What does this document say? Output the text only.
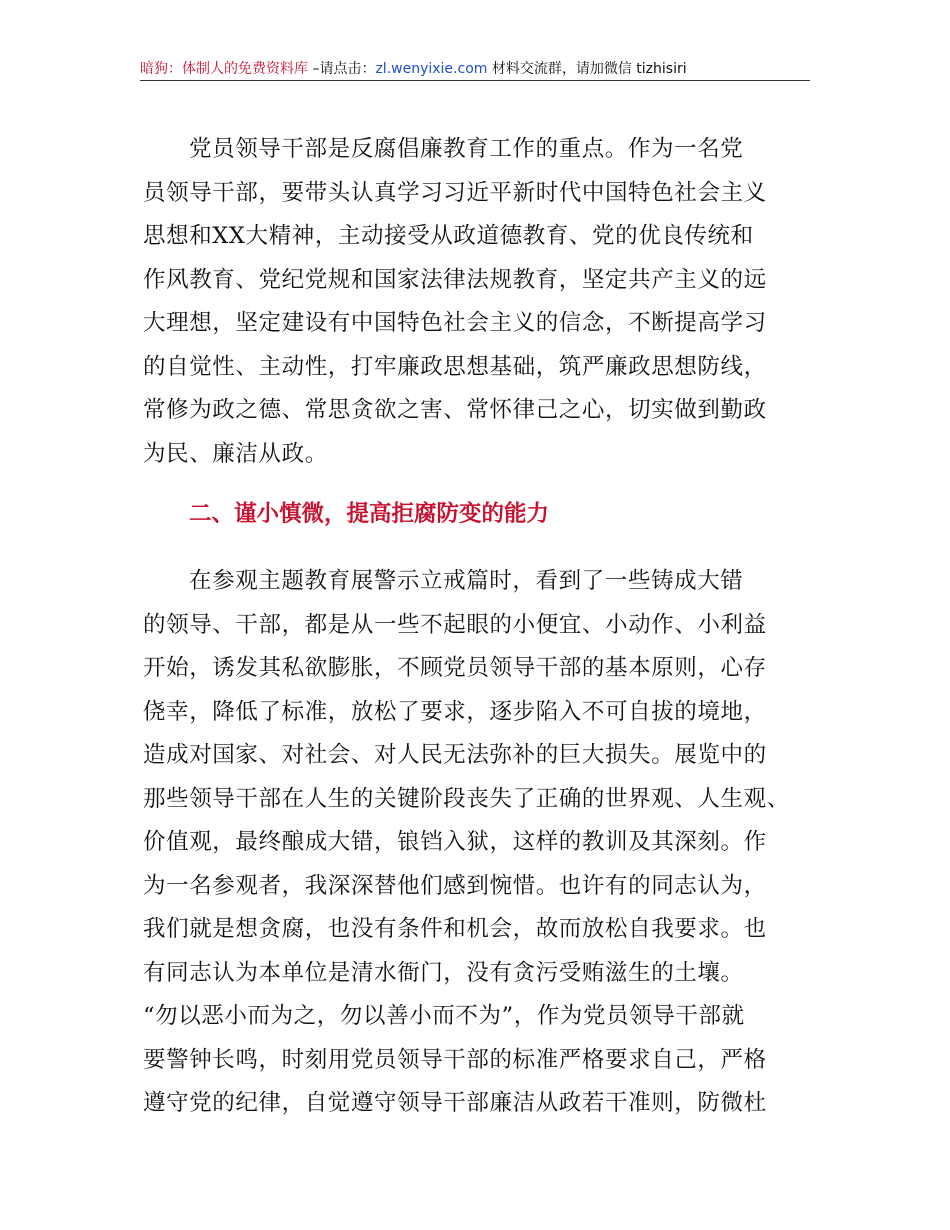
暗狗：体制人的免费资料库 –请点击：zl.wenyixie.com 材料交流群，请加微信 tizhisiri
党员领导干部是反腐倡廉教育工作的重点。作为一名党
员领导干部，要带头认真学习习近平新时代中国特色社会主义
思想和XX大精神，主动接受从政道德教育、党的优良传统和
作风教育、党纪党规和国家法律法规教育，坚定共产主义的远
大理想，坚定建设有中国特色社会主义的信念，不断提高学习
的自觉性、主动性，打牢廉政思想基础，筑严廉政思想防线，
常修为政之德、常思贪欲之害、常怀律己之心，切实做到勤政
为民、廉洁从政。
二、谨小慎微，提高拒腐防变的能力
在参观主题教育展警示立戒篇时，看到了一些铸成大错
的领导、干部，都是从一些不起眼的小便宜、小动作、小利益
开始，诱发其私欲膨胀，不顾党员领导干部的基本原则，心存
侥幸，降低了标准，放松了要求，逐步陷入不可自拔的境地，
造成对国家、对社会、对人民无法弥补的巨大损失。展览中的
那些领导干部在人生的关键阶段丧失了正确的世界观、人生观、
价值观，最终酿成大错，锒铛入狱，这样的教训及其深刻。作
为一名参观者，我深深替他们感到惋惜。也许有的同志认为，
我们就是想贪腐，也没有条件和机会，故而放松自我要求。也
有同志认为本单位是清水衙门，没有贪污受贿滋生的土壤。
“勿以恶小而为之，勿以善小而不为”，作为党员领导干部就
要警钟长鸣，时刻用党员领导干部的标准严格要求自己，严格
遵守党的纪律，自觉遵守领导干部廉洁从政若干准则，防微杜
